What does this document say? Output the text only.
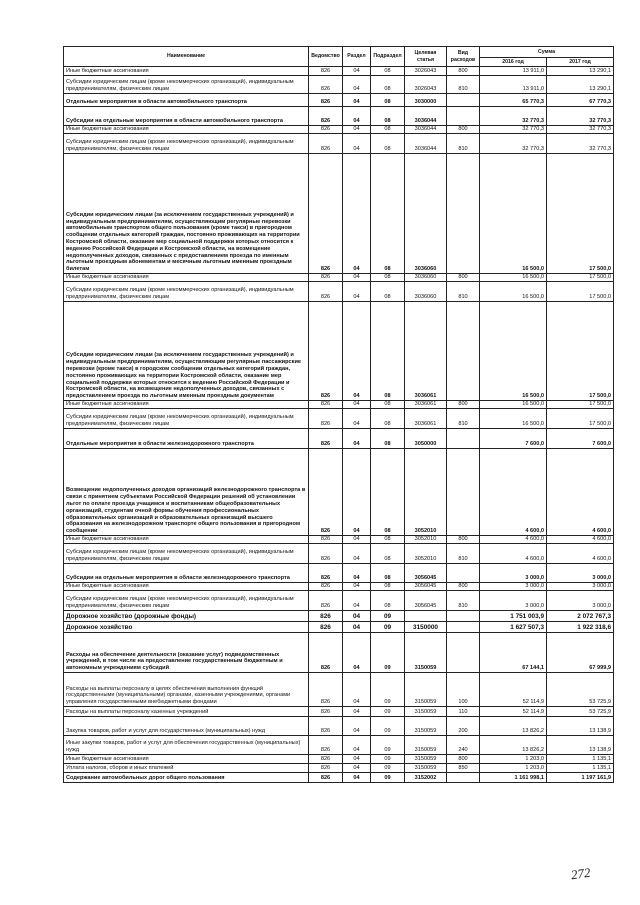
Наименование	Ведомство	Раздел	Подраздел	Целевая статья	Вид расходов	Сумма	
						2016 год	2017 год
Иные бюджетные ассигнования	826	04	08	3026043	800	13 911,0	13 290,1
Субсидии юридическим лицам (кроме некоммерческих организаций), индивидуальным предпринимателям, физическим лицам	826	04	08	3026043	810	13 911,0	13 290,1
Отдельные мероприятия в области автомобильного транспорта	826	04	08	3030000		65 770,3	67 770,3
Субсидии на отдельные мероприятия в области автомобильного транспорта	826	04	08	3036044		32 770,3	32 770,3
Иные бюджетные ассигнования	826	04	08	3036044	800	32 770,3	32 770,3
Субсидии юридическим лицам (кроме некоммерческих организаций), индивидуальным предпринимателям, физическим лицам	826	04	08	3036044	810	32 770,3	32 770,3
Субсидии юридическим лицам (за исключением государственных учреждений) и индивидуальным предпринимателям, осуществляющим регулярные перевозки автомобильным транспортом общего пользования (кроме такси) в пригородном сообщении отдельных категорий граждан, постоянно проживающих на территории Костромской области, оказание мер социальной поддержки которых относится к ведению Российской Федерации и Костромской области, на возмещение недополученных доходов, связанных с предоставлением проезда по именным льготным проездным абонементам и месячным льготным именным проездным билетам	826	04	08	3036060		16 500,0	17 500,0
Иные бюджетные ассигнования	826	04	08	3036060	800	16 500,0	17 500,0
Субсидии юридическим лицам (кроме некоммерческих организаций), индивидуальным предпринимателям, физическим лицам	826	04	08	3036060	810	16 500,0	17 500,0
Субсидии юридическим лицам (за исключением государственных учреждений) и индивидуальным предпринимателям, осуществляющим регулярные пассажирские перевозки (кроме такси) в городском сообщении отдельных категорий граждан, постоянно проживающих на территории Костромской области, оказание мер социальной поддержки которых относится к ведению Российской Федерации и Костромской области, на возмещение недополученных доходов, связанных с предоставлением проезда по льготным именным проездным документам	826	04	08	3036061		16 500,0	17 500,0
Иные бюджетные ассигнования	826	04	08	3036061	800	16 500,0	17 500,0
Субсидии юридическим лицам (кроме некоммерческих организаций), индивидуальным предпринимателям, физическим лицам	826	04	08	3036061	810	16 500,0	17 500,0
Отдельные мероприятия в области железнодорожного транспорта	826	04	08	3050000		7 600,0	7 600,0
Возмещение недополученных доходов организаций железнодорожного транспорта в связи с принятием субъектами Российской Федерации решений об установлении льгот по оплате проезда учащимся и воспитанникам общеобразовательных организаций, студентам очной формы обучения профессиональных образовательных организаций и образовательных организаций высшего образования на железнодорожном транспорте общего пользования в пригородном сообщении	826	04	08	3052010		4 600,0	4 600,0
Иные бюджетные ассигнования	826	04	08	3052010	800	4 600,0	4 600,0
Субсидии юридическим лицам (кроме некоммерческих организаций), индивидуальным предпринимателям, физическим лицам	826	04	08	3052010	810	4 600,0	4 600,0
Субсидии на отдельные мероприятия в области железнодорожного транспорта	826	04	08	3056045		3 000,0	3 000,0
Иные бюджетные ассигнования	826	04	08	3056045	800	3 000,0	3 000,0
Субсидии юридическим лицам (кроме некоммерческих организаций), индивидуальным предпринимателям, физическим лицам	826	04	08	3056045	810	3 000,0	3 000,0
Дорожное хозяйство (дорожные фонды)	826	04	09			1 751 003,9	2 072 767,3
Дорожное хозяйство	826	04	09	3150000		1 627 507,3	1 922 318,6
Расходы на обеспечение деятельности (оказание услуг) подведомственных учреждений, в том числе на предоставление государственным бюджетным и автономным учреждениям субсидий	826	04	09	3150059		67 144,1	67 999,9
Расходы на выплаты персоналу в целях обеспечения выполнения функций государственными (муниципальными) органами, казенными учреждениями, органами управления государственными внебюджетными фондами	826	04	09	3150059	100	52 114,9	53 725,9
Расходы на выплаты персоналу казенных учреждений	826	04	09	3150059	110	52 114,9	53 725,9
Закупка товаров, работ и услуг для государственных (муниципальных) нужд	826	04	09	3150059	200	13 826,2	13 138,9
Иные закупки товаров, работ и услуг для обеспечения государственных (муниципальных) нужд	826	04	09	3150059	240	13 826,2	13 138,9
Иные бюджетные ассигнования	826	04	09	3150059	800	1 203,0	1 135,1
Уплата налогов, сборов и иных платежей	826	04	09	3150059	850	1 203,0	1 135,1
Содержание автомобильных дорог общего пользования	826	04	09	3152002		1 161 998,1	1 197 161,9
272
